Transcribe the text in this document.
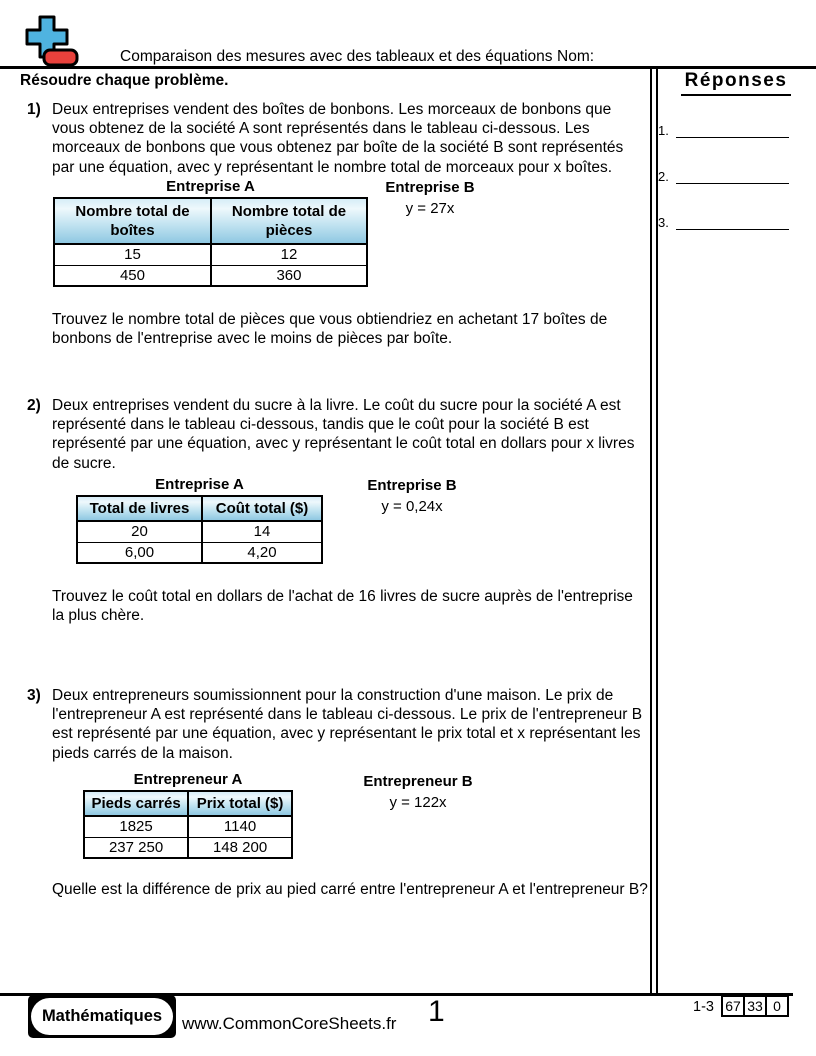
Comparaison des mesures avec des tableaux et des équations Nom:
Résoudre chaque problème.	Réponses
1.
2.
3.
1) Deux entreprises vendent des boîtes de bonbons. Les morceaux de bonbons que vous obtenez de la société A sont représentés dans le tableau ci-dessous. Les morceaux de bonbons que vous obtenez par boîte de la société B sont représentés par une équation, avec y représentant le nombre total de morceaux pour x boîtes.
Entreprise A
Nombre total de boîtes	Nombre total de pièces
15	12
450	360
Entreprise B
y = 27x
Trouvez le nombre total de pièces que vous obtiendriez en achetant 17 boîtes de bonbons de l'entreprise avec le moins de pièces par boîte.
2) Deux entreprises vendent du sucre à la livre. Le coût du sucre pour la société A est représenté dans le tableau ci-dessous, tandis que le coût pour la société B est représenté par une équation, avec y représentant le coût total en dollars pour x livres de sucre.
Entreprise A
Total de livres	Coût total ($)
20	14
6,00	4,20
Entreprise B
y = 0,24x
Trouvez le coût total en dollars de l'achat de 16 livres de sucre auprès de l'entreprise la plus chère.
3) Deux entrepreneurs soumissionnent pour la construction d'une maison. Le prix de l'entrepreneur A est représenté dans le tableau ci-dessous. Le prix de l'entrepreneur B est représenté par une équation, avec y représentant le prix total et x représentant les pieds carrés de la maison.
Entrepreneur A
Pieds carrés	Prix total ($)
1825	1140
237 250	148 200
Entrepreneur B
y = 122x
Quelle est la différence de prix au pied carré entre l'entrepreneur A et l'entrepreneur B?
Mathématiques	www.CommonCoreSheets.fr 1	1-3 67 33 0
